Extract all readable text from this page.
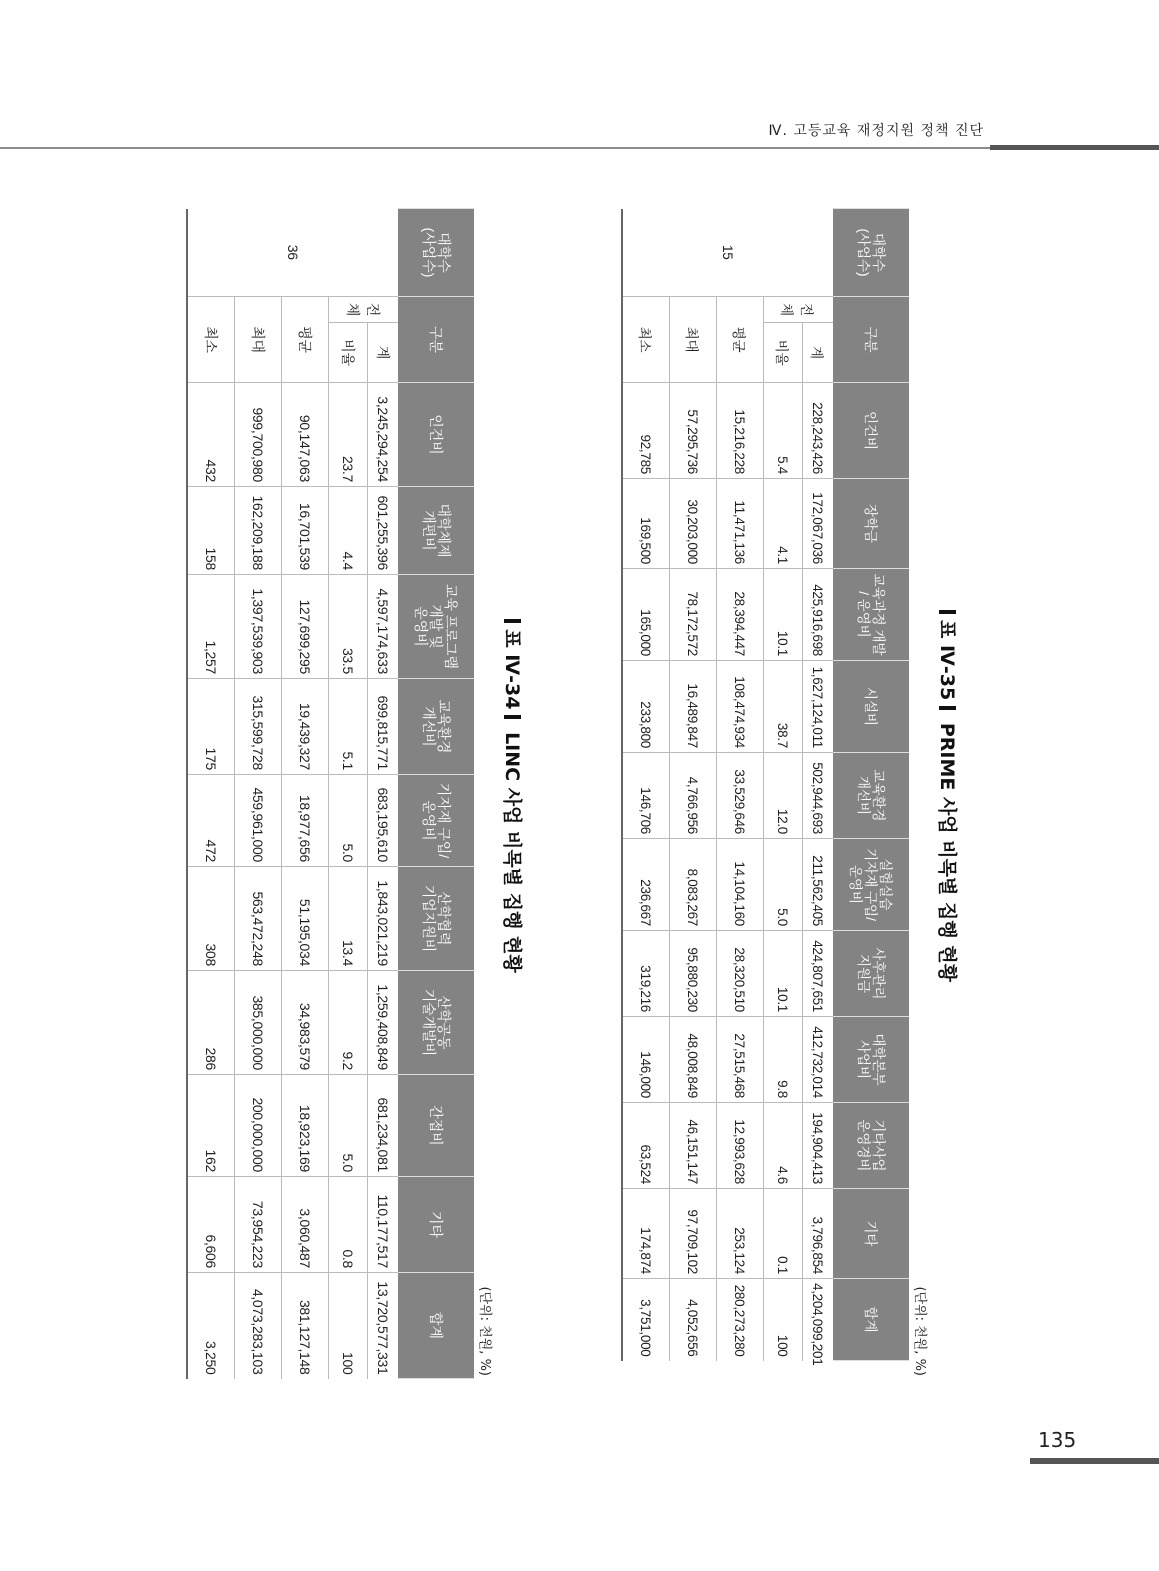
Ⅳ. 고등교육 재정지원 정책 진단
표 Ⅳ-34 LINC 사업 비목별 집행 현황
(단위: 천원, %)
대학수
(사업수)	구분		인건비	대학체제
개편비	교육 프로그램
개발 및
운영비	교육환경
개선비	기자재 구입/
운영비	산학협력
기업지원비	산학공동
기술개발비	간접비	기타	합계
36	전
체	계	3,245,294,254	601,255,396	4,597,174,633	699,815,771	683,195,610	1,843,021,219	1,259,408,849	681,234,081	110,177,517	13,720,577,331
		비율	23.7	4.4	33.5	5.1	5.0	13.4	9.2	5.0	0.8	100
	평균		90,147,063	16,701,539	127,699,295	19,439,327	18,977,656	51,195,034	34,983,579	18,923,169	3,060,487	381,127,148
	최대		999,700,980	162,209,188	1,397,539,903	315,599,728	459,961,000	563,472,248	385,000,000	200,000,000	73,954,223	4,073,283,103
	최소		432	158	1,257	175	472	308	286	162	6,606	3,250
표 Ⅳ-35 PRIME 사업 비목별 집행 현황
(단위: 천원, %)
대학수
(사업수)	구분		인건비	장학금	교육과정 개발
/ 운영비	시설비	교육환경
개선비	실험실습
기자재 구입/
운영비	사후관리
지원금	대학본부
사업비	기타사업
운영경비	기타	합계
15	전
체	계	228,243,426	172,067,036	425,916,698	1,627,124,011	502,944,693	211,562,405	424,807,651	412,732,014	194,904,413	3,796,854	4,204,099,201
		비율	5.4	4.1	10.1	38.7	12.0	5.0	10.1	9.8	4.6	0.1	100
	평균		15,216,228	11,471,136	28,394,447	108,474,934	33,529,646	14,104,160	28,320,510	27,515,468	12,993,628	253,124	280,273,280
	최대		57,295,736	30,203,000	78,172,572	16,489,847	4,766,956	8,083,267	95,880,230	48,008,849	46,151,147	97,709,102	4,052,656
	최소		92,785	169,500	165,000	233,800	146,706	236,667	319,216	146,000	63,524	174,874	3,751,000
135
